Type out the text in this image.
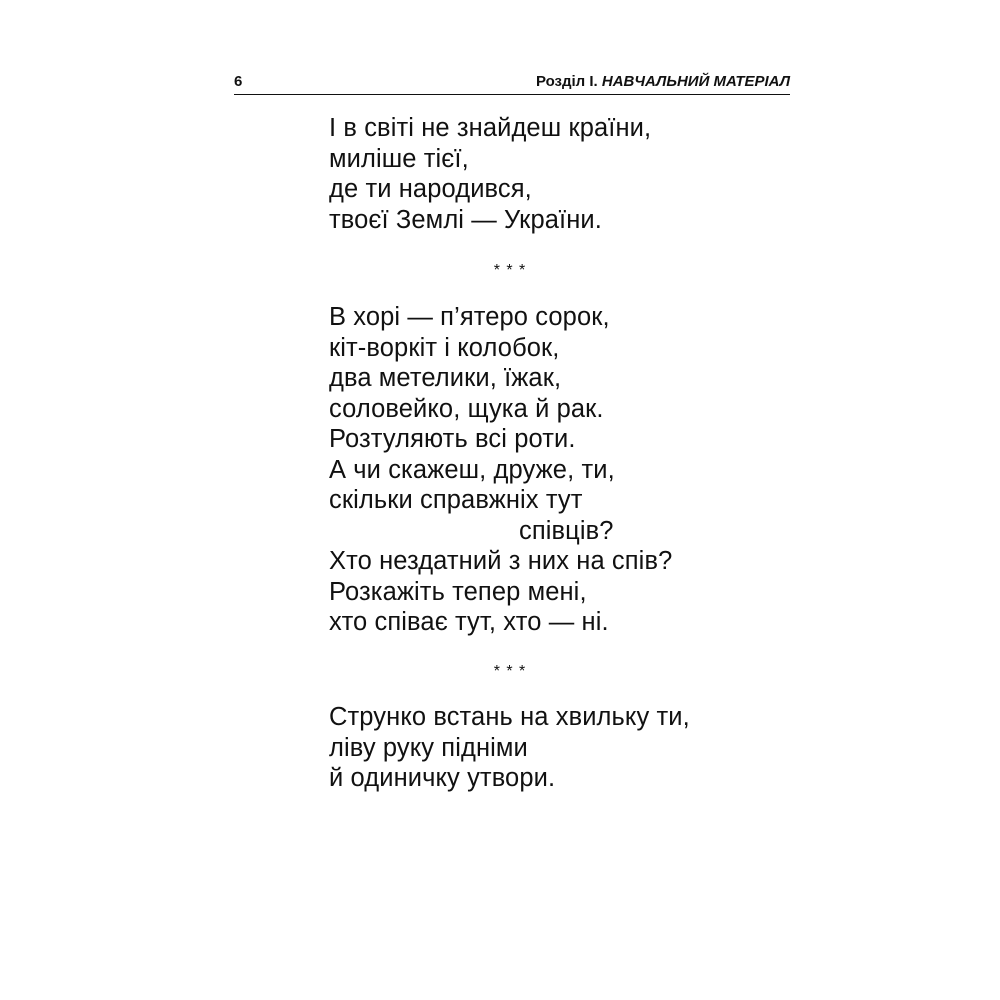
6	Розділ І. НАВЧАЛЬНИЙ МАТЕРІАЛ
І в світі не знайдеш країни,
милiше тієї,
де ти народився,
твоєї Землі — України.
* * *
В хорі — п’ятеро сорок,
кіт-воркіт і колобок,
два метелики, їжак,
соловейко, щука й рак.
Розтуляють всі роти.
А чи скажеш, друже, ти,
скільки справжніх тут
співців?
Хто нездатний з них на спів?
Розкажіть тепер мені,
хто співає тут, хто — ні.
* * *
Струнко встань на хвильку ти,
ліву руку підніми
й одиничку утвори.
